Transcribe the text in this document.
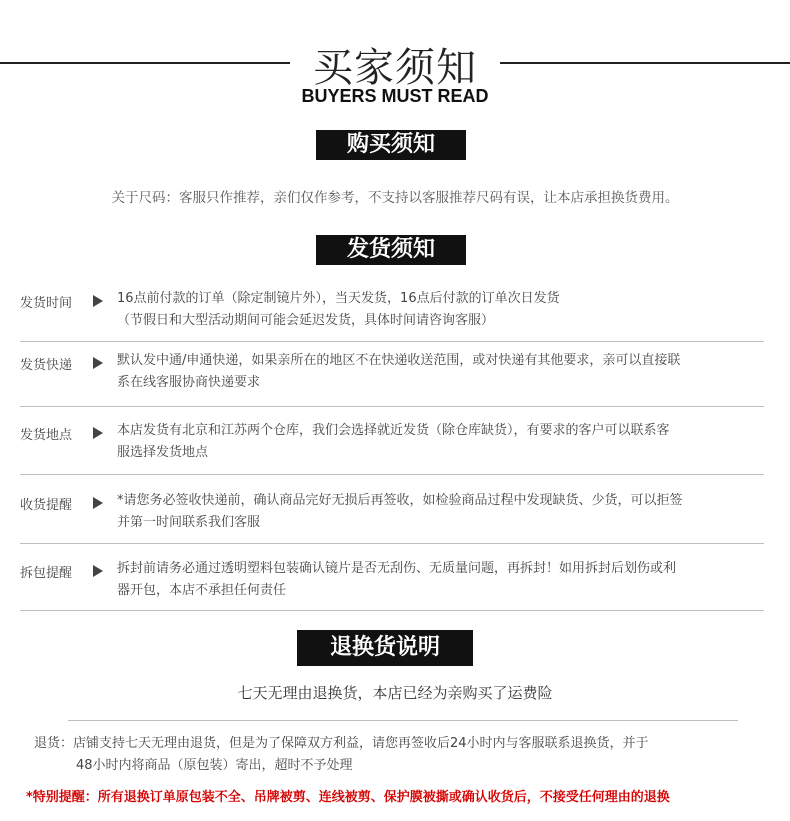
买家须知
BUYERS MUST READ
购买须知
关于尺码：客服只作推荐，亲们仅作参考，不支持以客服推荐尺码有误，让本店承担换货费用。
发货须知
发货时间	16点前付款的订单（除定制镜片外），当天发货，16点后付款的订单次日发货
（节假日和大型活动期间可能会延迟发货，具体时间请咨询客服）
发货快递	默认发中通/申通快递，如果亲所在的地区不在快递收送范围，或对快递有其他要求，亲可以直接联
系在线客服协商快递要求
发货地点	本店发货有北京和江苏两个仓库，我们会选择就近发货（除仓库缺货），有要求的客户可以联系客
服选择发货地点
收货提醒	*请您务必签收快递前，确认商品完好无损后再签收，如检验商品过程中发现缺货、少货，可以拒签
并第一时间联系我们客服
拆包提醒	拆封前请务必通过透明塑料包装确认镜片是否无刮伤、无质量问题，再拆封！如用拆封后划伤或利
器开包，本店不承担任何责任
退换货说明
七天无理由退换货，本店已经为亲购买了运费险
退货：店铺支持七天无理由退货，但是为了保障双方利益，请您再签收后24小时内与客服联系退换货，并于
48小时内将商品（原包装）寄出，超时不予处理
*特别提醒：所有退换订单原包装不全、吊牌被剪、连线被剪、保护膜被撕或确认收货后，不接受任何理由的退换
